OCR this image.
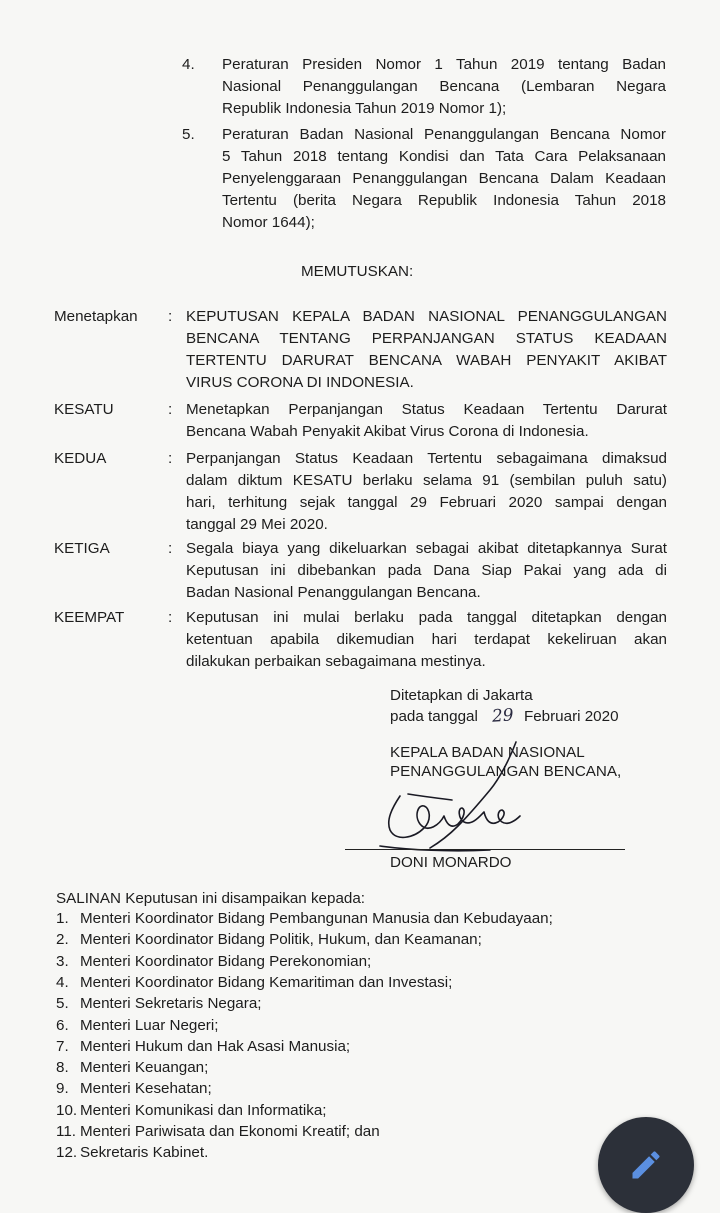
4. Peraturan Presiden Nomor 1 Tahun 2019 tentang Badan
Nasional Penanggulangan Bencana (Lembaran Negara
Republik Indonesia Tahun 2019 Nomor 1);
5. Peraturan Badan Nasional Penanggulangan Bencana Nomor
5 Tahun 2018 tentang Kondisi dan Tata Cara Pelaksanaan
Penyelenggaraan Penanggulangan Bencana Dalam Keadaan
Tertentu (berita Negara Republik Indonesia Tahun 2018
Nomor 1644);
MEMUTUSKAN:
Menetapkan : KEPUTUSAN KEPALA BADAN NASIONAL PENANGGULANGAN
BENCANA TENTANG PERPANJANGAN STATUS KEADAAN
TERTENTU DARURAT BENCANA WABAH PENYAKIT AKIBAT
VIRUS CORONA DI INDONESIA.
KESATU	: Menetapkan Perpanjangan Status Keadaan Tertentu Darurat
Bencana Wabah Penyakit Akibat Virus Corona di Indonesia.
KEDUA	: Perpanjangan Status Keadaan Tertentu sebagaimana dimaksud
dalam diktum KESATU berlaku selama 91 (sembilan puluh satu)
hari, terhitung sejak tanggal 29 Februari 2020 sampai dengan
tanggal 29 Mei 2020.
KETIGA	: Segala biaya yang dikeluarkan sebagai akibat ditetapkannya Surat
Keputusan ini dibebankan pada Dana Siap Pakai yang ada di
Badan Nasional Penanggulangan Bencana.
KEEMPAT	: Keputusan ini mulai berlaku pada tanggal ditetapkan dengan
ketentuan apabila dikemudian hari terdapat kekeliruan akan
dilakukan perbaikan sebagaimana mestinya.
Ditetapkan di Jakarta
pada tanggal 29 Februari 2020
KEPALA BADAN NASIONAL
PENANGGULANGAN BENCANA,
DONI MONARDO
SALINAN Keputusan ini disampaikan kepada:
1. Menteri Koordinator Bidang Pembangunan Manusia dan Kebudayaan;
2. Menteri Koordinator Bidang Politik, Hukum, dan Keamanan;
3. Menteri Koordinator Bidang Perekonomian;
4. Menteri Koordinator Bidang Kemaritiman dan Investasi;
5. Menteri Sekretaris Negara;
6. Menteri Luar Negeri;
7. Menteri Hukum dan Hak Asasi Manusia;
8. Menteri Keuangan;
9. Menteri Kesehatan;
10. Menteri Komunikasi dan Informatika;
11. Menteri Pariwisata dan Ekonomi Kreatif; dan
12. Sekretaris Kabinet.
